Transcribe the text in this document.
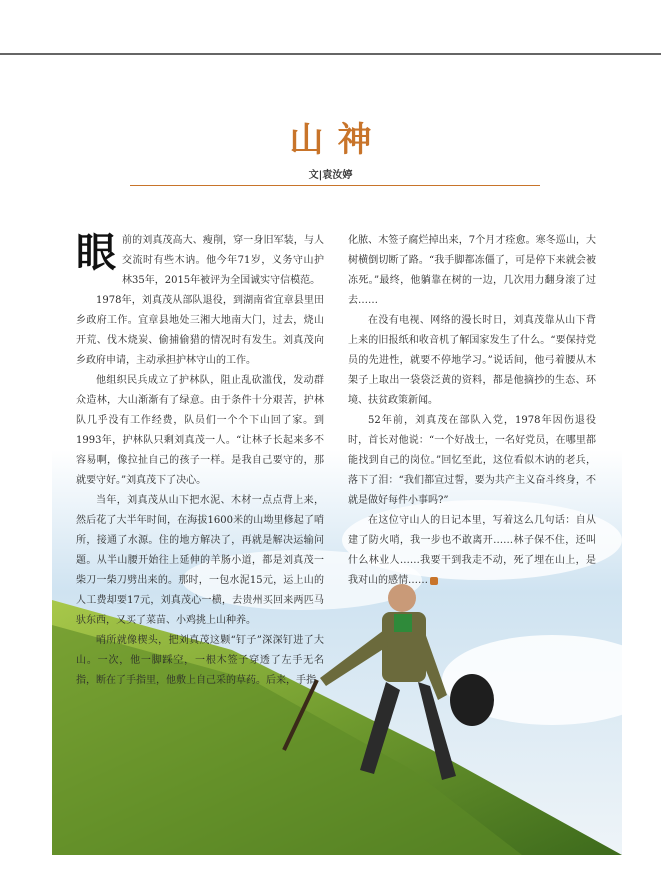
山神
文|袁汝婷

眼前的刘真茂高大、瘦削，穿一身旧军装，与人交流时有些木讷。他今年71岁，义务守山护林35年，2015年被评为全国诚实守信模范。

1978年，刘真茂从部队退役，到湖南省宜章县里田乡政府工作。宜章县地处三湘大地南大门，过去，烧山开荒、伐木烧炭、偷捕偷猎的情况时有发生。刘真茂向乡政府申请，主动承担护林守山的工作。

他组织民兵成立了护林队，阻止乱砍滥伐，发动群众造林，大山渐渐有了绿意。由于条件十分艰苦，护林队几乎没有工作经费，队员们一个个下山回了家。到1993年，护林队只剩刘真茂一人。“让林子长起来多不容易啊，像拉扯自己的孩子一样。是我自己要守的，那就要守好。”刘真茂下了决心。

当年，刘真茂从山下把水泥、木材一点点背上来，然后花了大半年时间，在海拔1600米的山坳里修起了哨所，接通了水源。住的地方解决了，再就是解决运输问题。从半山腰开始往上延伸的羊肠小道，都是刘真茂一柴刀一柴刀劈出来的。那时，一包水泥15元，运上山的人工费却要17元，刘真茂心一横，去贵州买回来两匹马驮东西，又买了菜苗、小鸡挑上山种养。

哨所就像楔头，把刘真茂这颗“钉子”深深钉进了大山。一次，他一脚踩空，一根木签子穿透了左手无名指，断在了手指里，他敷上自己采的草药。后来，手指

化脓、木签子腐烂掉出来，7个月才痊愈。寒冬巡山，大树横倒切断了路。“我手脚都冻僵了，可是停下来就会被冻死。”最终，他躺靠在树的一边，几次用力翻身滚了过去……

在没有电视、网络的漫长时日，刘真茂靠从山下背上来的旧报纸和收音机了解国家发生了什么。“要保持党员的先进性，就要不停地学习。”说话间，他弓着腰从木架子上取出一袋袋泛黄的资料，都是他摘抄的生态、环境、扶贫政策新闻。

52年前，刘真茂在部队入党，1978年因伤退役时，首长对他说：“一个好战士，一名好党员，在哪里都能找到自己的岗位。”回忆至此，这位看似木讷的老兵，落下了泪：“我们都宣过誓，要为共产主义奋斗终身，不就是做好每件小事吗?”

在这位守山人的日记本里，写着这么几句话：自从建了防火哨，我一步也不敢离开……林子保不住，还叫什么林业人……我要干到我走不动，死了埋在山上，是我对山的感情……
